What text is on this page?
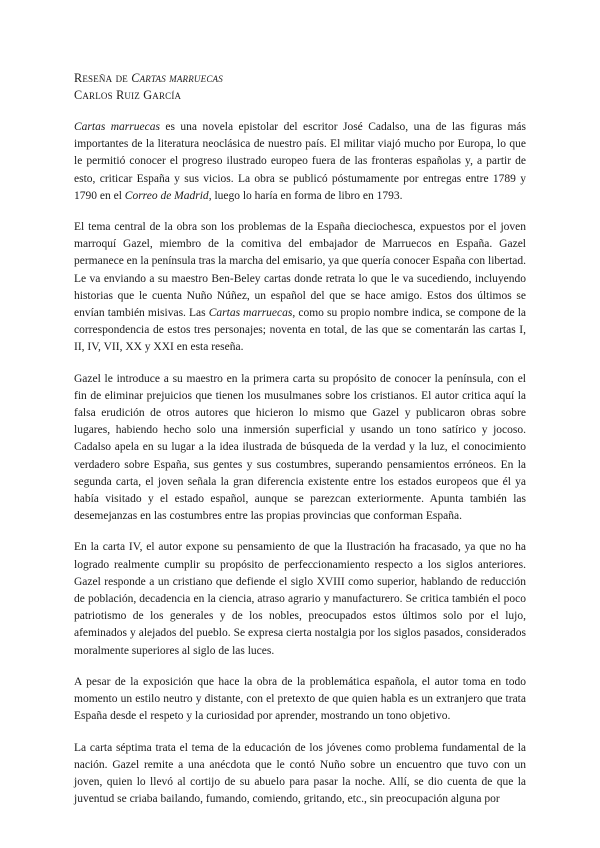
Reseña de Cartas marruecas
Carlos Ruiz García

Cartas marruecas es una novela epistolar del escritor José Cadalso, una de las figuras más importantes de la literatura neoclásica de nuestro país. El militar viajó mucho por Europa, lo que le permitió conocer el progreso ilustrado europeo fuera de las fronteras españolas y, a partir de esto, criticar España y sus vicios. La obra se publicó póstumamente por entregas entre 1789 y 1790 en el Correo de Madrid, luego lo haría en forma de libro en 1793.

El tema central de la obra son los problemas de la España dieciochesca, expuestos por el joven marroquí Gazel, miembro de la comitiva del embajador de Marruecos en España. Gazel permanece en la península tras la marcha del emisario, ya que quería conocer España con libertad. Le va enviando a su maestro Ben-Beley cartas donde retrata lo que le va sucediendo, incluyendo historias que le cuenta Nuño Núñez, un español del que se hace amigo. Estos dos últimos se envían también misivas. Las Cartas marruecas, como su propio nombre indica, se compone de la correspondencia de estos tres personajes; noventa en total, de las que se comentarán las cartas I, II, IV, VII, XX y XXI en esta reseña.

Gazel le introduce a su maestro en la primera carta su propósito de conocer la península, con el fin de eliminar prejuicios que tienen los musulmanes sobre los cristianos. El autor critica aquí la falsa erudición de otros autores que hicieron lo mismo que Gazel y publicaron obras sobre lugares, habiendo hecho solo una inmersión superficial y usando un tono satírico y jocoso. Cadalso apela en su lugar a la idea ilustrada de búsqueda de la verdad y la luz, el conocimiento verdadero sobre España, sus gentes y sus costumbres, superando pensamientos erróneos. En la segunda carta, el joven señala la gran diferencia existente entre los estados europeos que él ya había visitado y el estado español, aunque se parezcan exteriormente. Apunta también las desemejanzas en las costumbres entre las propias provincias que conforman España.

En la carta IV, el autor expone su pensamiento de que la Ilustración ha fracasado, ya que no ha logrado realmente cumplir su propósito de perfeccionamiento respecto a los siglos anteriores. Gazel responde a un cristiano que defiende el siglo XVIII como superior, hablando de reducción de población, decadencia en la ciencia, atraso agrario y manufacturero. Se critica también el poco patriotismo de los generales y de los nobles, preocupados estos últimos solo por el lujo, afeminados y alejados del pueblo. Se expresa cierta nostalgia por los siglos pasados, considerados moralmente superiores al siglo de las luces.

A pesar de la exposición que hace la obra de la problemática española, el autor toma en todo momento un estilo neutro y distante, con el pretexto de que quien habla es un extranjero que trata España desde el respeto y la curiosidad por aprender, mostrando un tono objetivo.

La carta séptima trata el tema de la educación de los jóvenes como problema fundamental de la nación. Gazel remite a una anécdota que le contó Nuño sobre un encuentro que tuvo con un joven, quien lo llevó al cortijo de su abuelo para pasar la noche. Allí, se dio cuenta de que la juventud se criaba bailando, fumando, comiendo, gritando, etc., sin preocupación alguna por
